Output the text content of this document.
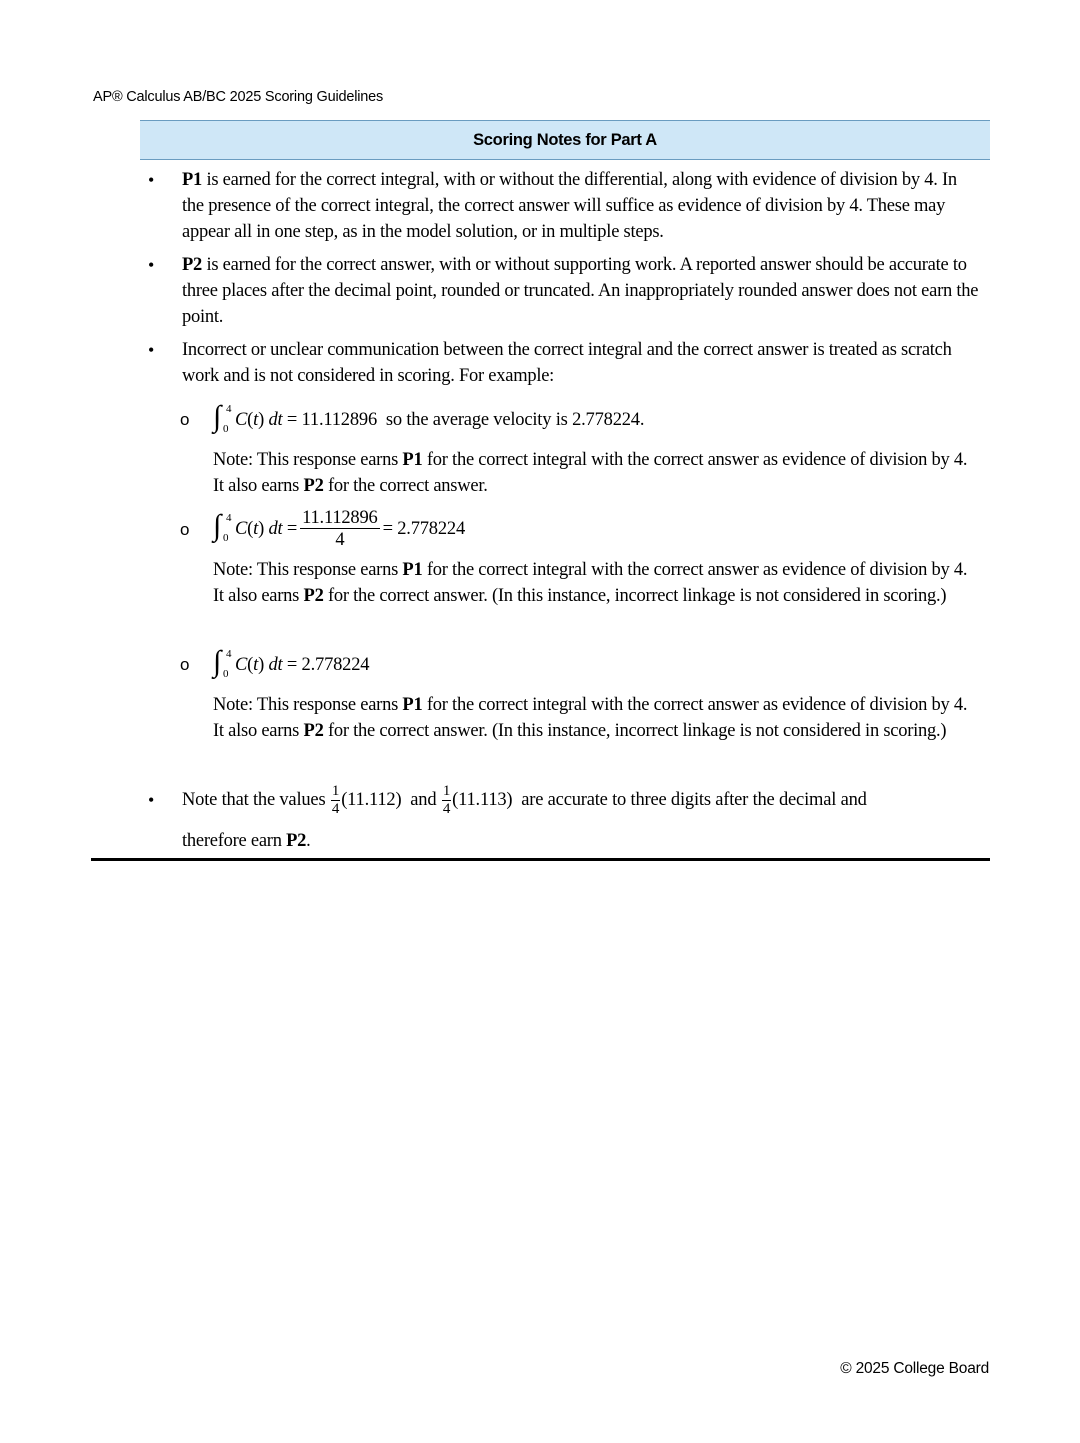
AP® Calculus AB/BC 2025 Scoring Guidelines
Scoring Notes for Part A
• P1 is earned for the correct integral, with or without the differential, along with evidence of division by 4. In the presence of the correct integral, the correct answer will suffice as evidence of division by 4. These may appear all in one step, as in the model solution, or in multiple steps.
• P2 is earned for the correct answer, with or without supporting work. A reported answer should be accurate to three places after the decimal point, rounded or truncated. An inappropriately rounded answer does not earn the point.
• Incorrect or unclear communication between the correct integral and the correct answer is treated as scratch work and is not considered in scoring. For example:
o ∫ 4
0 C ( t ) dt
= 11.112896
so the average velocity is 2.778224.
Note: This response earns P1 for the correct integral with the correct answer as evidence of division by 4. It also earns P2 for the correct answer.
o ∫ 4
0 C ( t ) dt = $\frac{11.112896}{4} = 2.778224$
Note: This response earns P1 for the correct integral with the correct answer as evidence of division by 4. It also earns P2 for the correct answer. (In this instance, incorrect linkage is not considered in scoring.)
o ∫ 4
0 C ( t ) dt
= 2.778224
Note: This response earns P1 for the correct integral with the correct answer as evidence of division by 4. It also earns P2 for the correct answer. (In this instance, incorrect linkage is not considered in scoring.)
• Note that the values
$\frac{1}{4} (11.112)$
and
$\frac{1}{4} (11.113)$
are accurate to three digits after the decimal and
therefore earn P2.
© 2025 College Board
